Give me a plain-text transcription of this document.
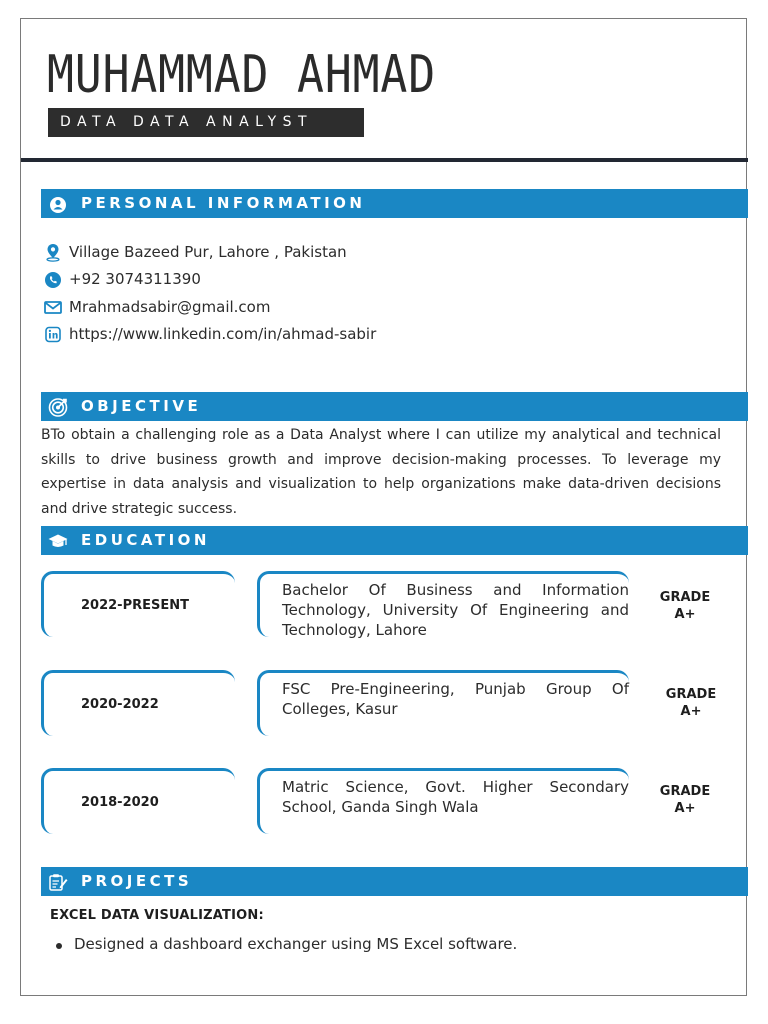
MUHAMMAD AHMAD
DATA DATA ANALYST
PERSONAL INFORMATION
Village Bazeed Pur, Lahore , Pakistan
+92 3074311390
Mrahmadsabir@gmail.com
https://www.linkedin.com/in/ahmad-sabir
OBJECTIVE

BTo obtain a challenging role as a Data Analyst where I can utilize my analytical and technical skills to drive business growth and improve decision-making processes. To leverage my expertise in data analysis and visualization to help organizations make data-driven decisions and drive strategic success.

EDUCATION
2022-PRESENT

Bachelor Of Business and Information Technology, University Of Engineering and Technology, Lahore

GRADE
A+
2020-2022

FSC Pre-Engineering, Punjab Group Of Colleges, Kasur

GRADE
A+
2018-2020

Matric Science, Govt. Higher Secondary School, Ganda Singh Wala

GRADE
A+
PROJECTS
EXCEL DATA VISUALIZATION:
Designed a dashboard exchanger using MS Excel software.
